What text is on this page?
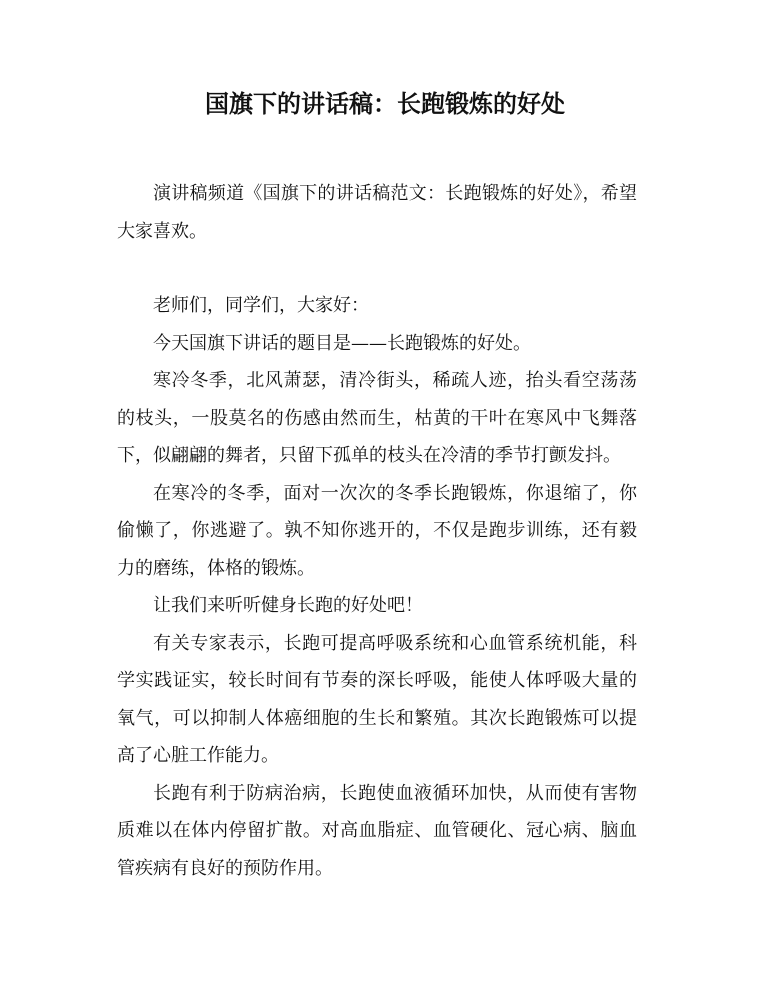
国旗下的讲话稿：长跑锻炼的好处

演讲稿频道《国旗下的讲话稿范文：长跑锻炼的好处》，希望大家喜欢。

老师们，同学们，大家好：

今天国旗下讲话的题目是——长跑锻炼的好处。

寒冷冬季，北风萧瑟，清冷街头，稀疏人迹，抬头看空荡荡的枝头，一股莫名的伤感由然而生，枯黄的干叶在寒风中飞舞落下，似翩翩的舞者，只留下孤单的枝头在冷清的季节打颤发抖。

在寒冷的冬季，面对一次次的冬季长跑锻炼，你退缩了，你偷懒了，你逃避了。孰不知你逃开的，不仅是跑步训练，还有毅力的磨练，体格的锻炼。

让我们来听听健身长跑的好处吧！

有关专家表示，长跑可提高呼吸系统和心血管系统机能，科学实践证实，较长时间有节奏的深长呼吸，能使人体呼吸大量的氧气，可以抑制人体癌细胞的生长和繁殖。其次长跑锻炼可以提高了心脏工作能力。

长跑有利于防病治病，长跑使血液循环加快，从而使有害物质难以在体内停留扩散。对高血脂症、血管硬化、冠心病、脑血管疾病有良好的预防作用。
